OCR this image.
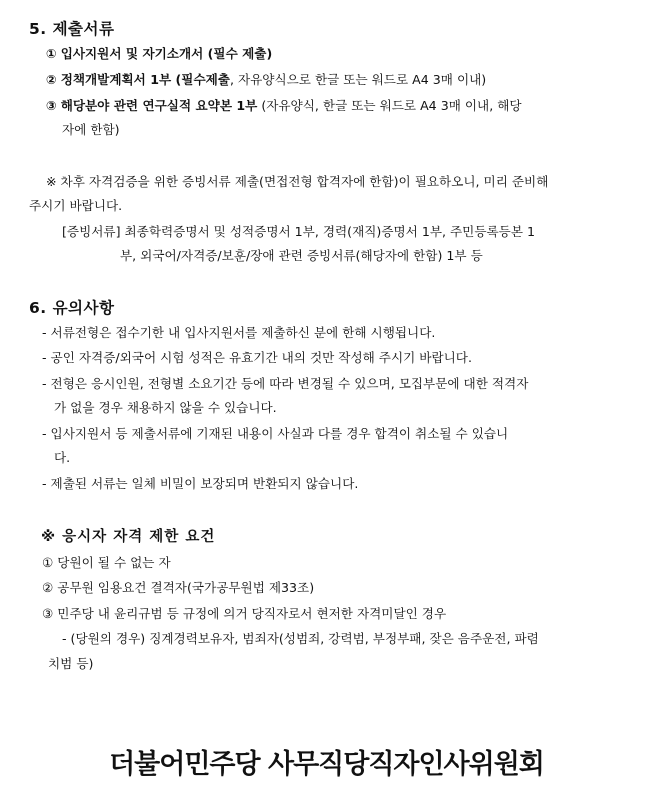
5. 제출서류
① 입사지원서 및 자기소개서 (필수 제출)
② 정책개발계획서 1부 (필수제출, 자유양식으로 한글 또는 워드로 A4 3매 이내)
③ 해당분야 관련 연구실적 요약본 1부 (자유양식, 한글 또는 워드로 A4 3매 이내, 해당
자에 한함)
※ 차후 자격검증을 위한 증빙서류 제출(면접전형 합격자에 한함)이 필요하오니, 미리 준비해
주시기 바랍니다.
[증빙서류] 최종학력증명서 및 성적증명서 1부, 경력(재직)증명서 1부, 주민등록등본 1
부, 외국어/자격증/보훈/장애 관련 증빙서류(해당자에 한함) 1부 등
6. 유의사항
- 서류전형은 접수기한 내 입사지원서를 제출하신 분에 한해 시행됩니다.
- 공인 자격증/외국어 시험 성적은 유효기간 내의 것만 작성해 주시기 바랍니다.
- 전형은 응시인원, 전형별 소요기간 등에 따라 변경될 수 있으며, 모집부문에 대한 적격자
가 없을 경우 채용하지 않을 수 있습니다.
- 입사지원서 등 제출서류에 기재된 내용이 사실과 다를 경우 합격이 취소될 수 있습니
다.
- 제출된 서류는 일체 비밀이 보장되며 반환되지 않습니다.
※ 응시자 자격 제한 요건
① 당원이 될 수 없는 자
② 공무원 임용요건 결격자(국가공무원법 제33조)
③ 민주당 내 윤리규범 등 규정에 의거 당직자로서 현저한 자격미달인 경우
- (당원의 경우) 징계경력보유자, 범죄자(성범죄, 강력범, 부정부패, 잦은 음주운전, 파렴
치범 등)
더불어민주당 사무직당직자인사위원회
